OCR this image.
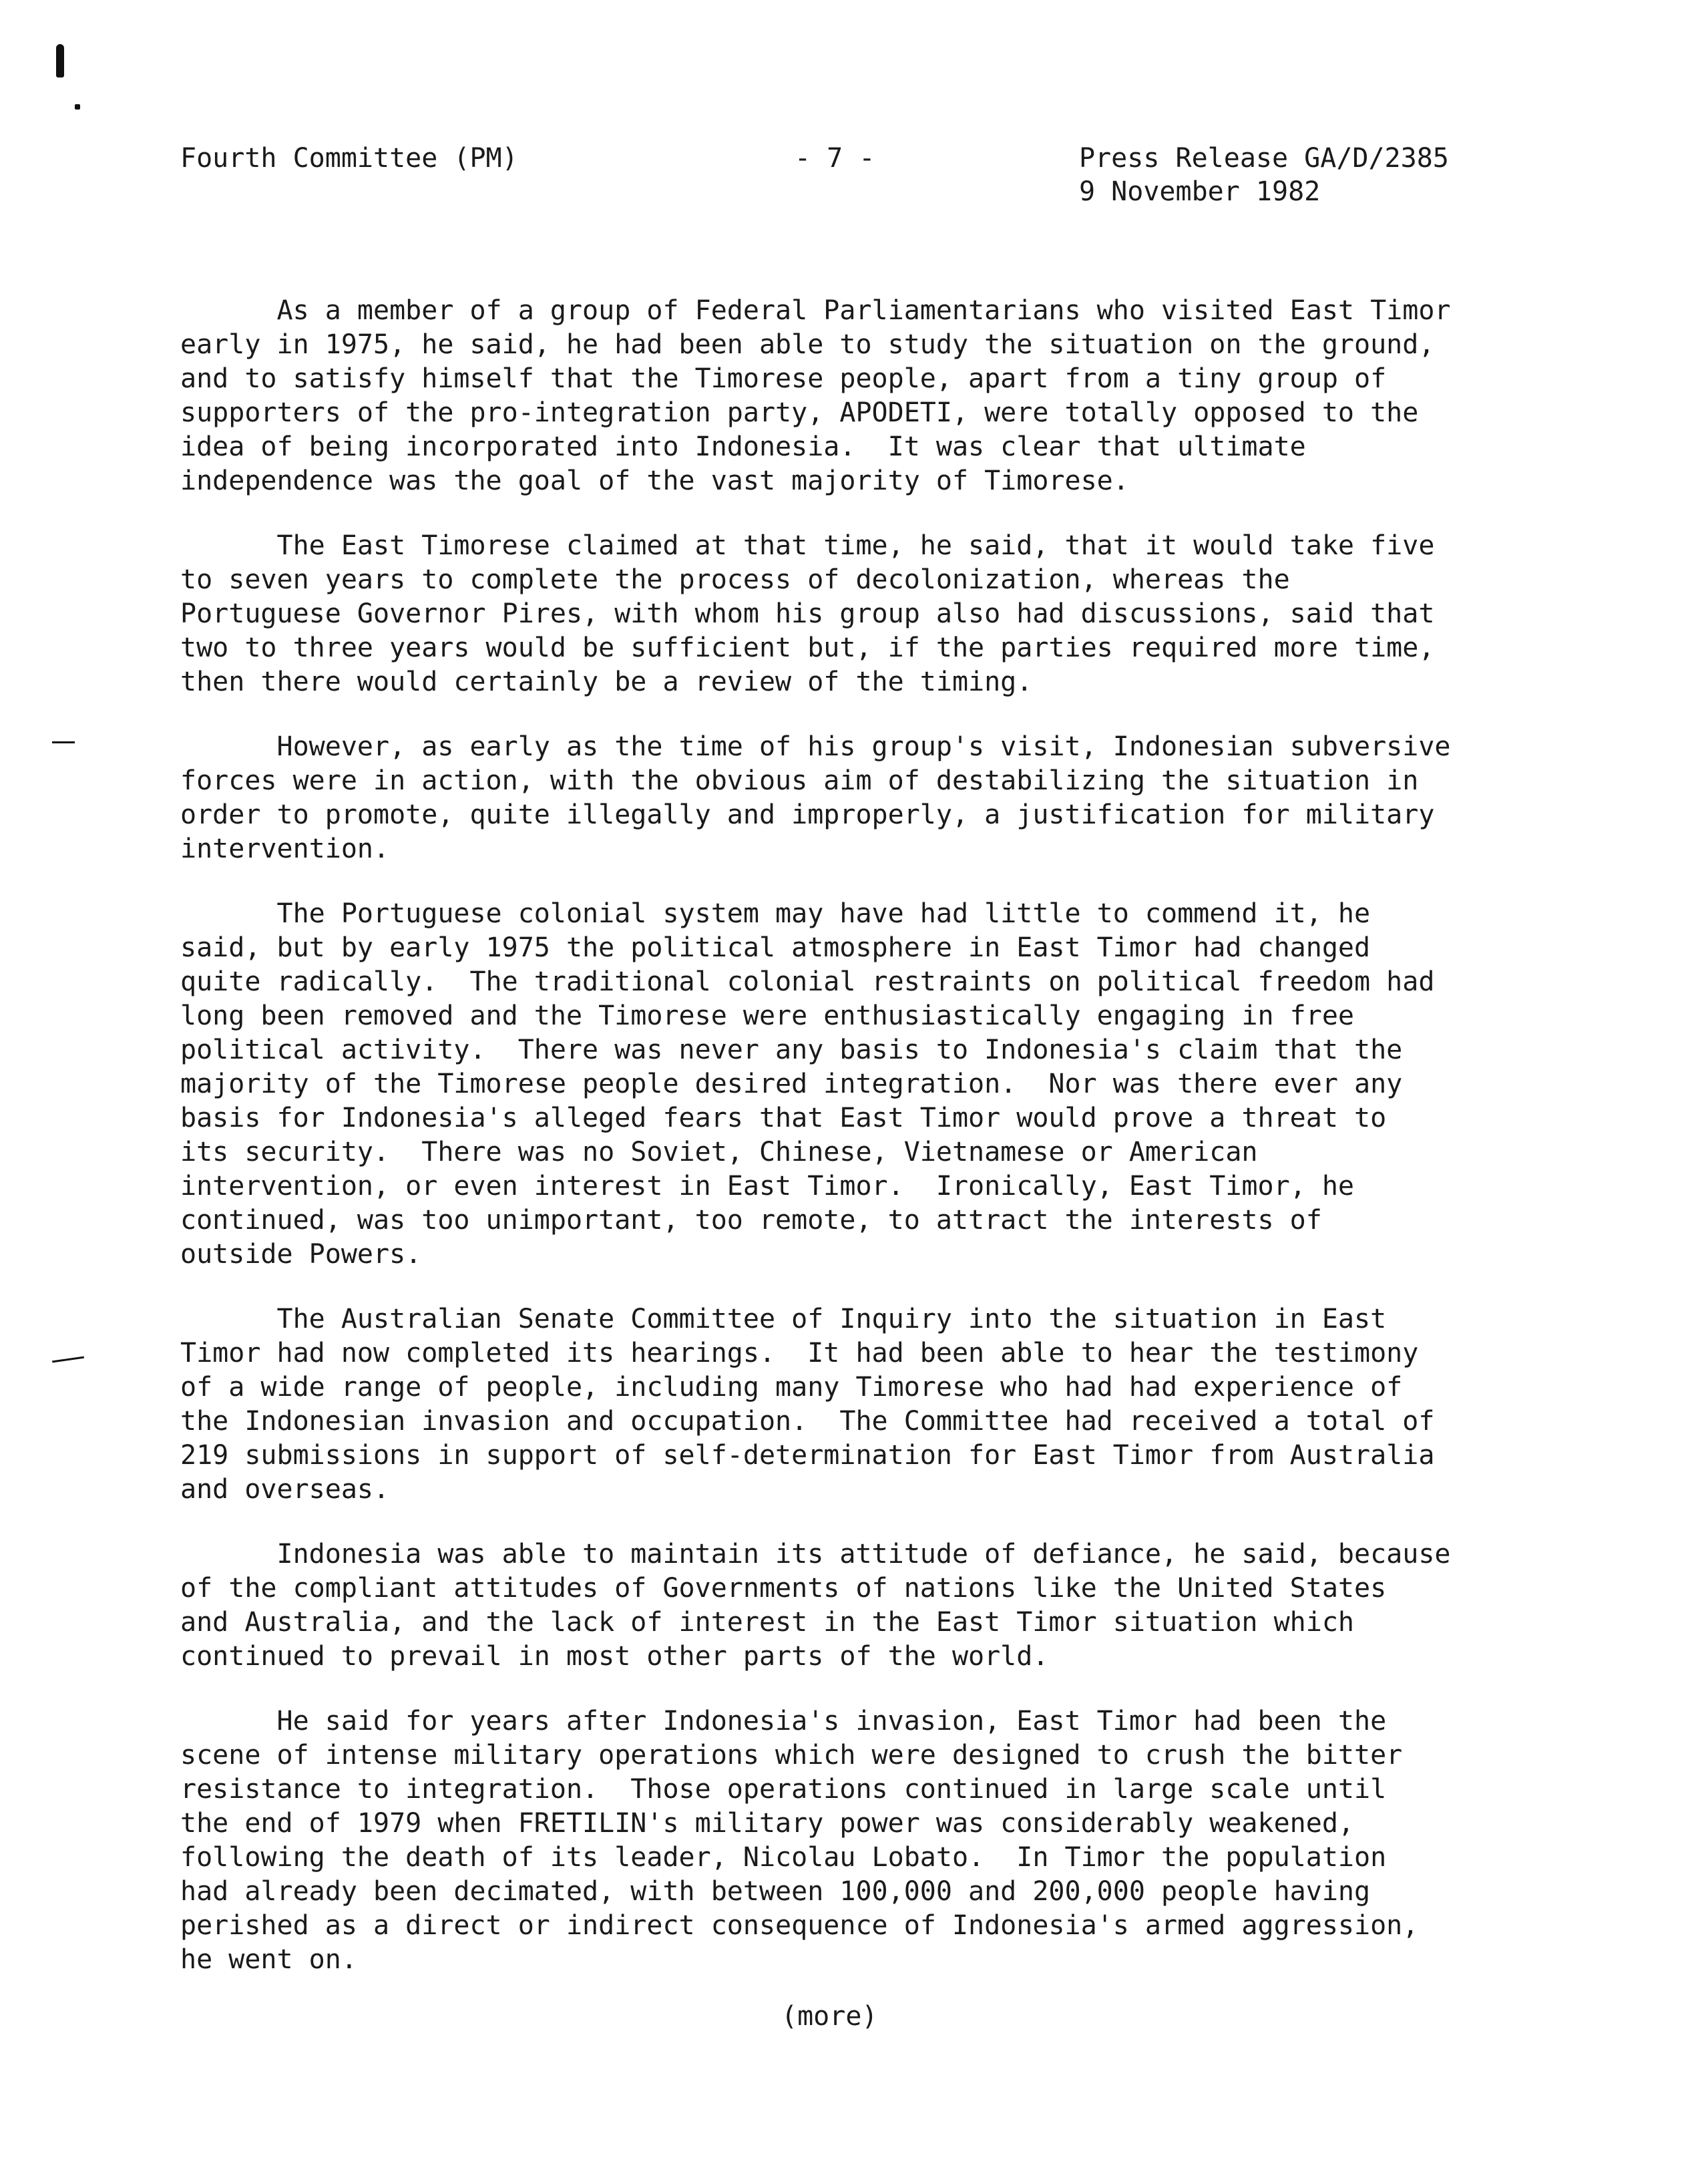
Fourth Committee (PM)	- 7 -	Press Release GA/D/2385
9 November 1982
As a member of a group of Federal Parliamentarians who visited East Timor
early in 1975, he said, he had been able to study the situation on the ground,
and to satisfy himself that the Timorese people, apart from a tiny group of
supporters of the pro-integration party, APODETI, were totally opposed to the
idea of being incorporated into Indonesia.  It was clear that ultimate
independence was the goal of the vast majority of Timorese.
The East Timorese claimed at that time, he said, that it would take five
to seven years to complete the process of decolonization, whereas the
Portuguese Governor Pires, with whom his group also had discussions, said that
two to three years would be sufficient but, if the parties required more time,
then there would certainly be a review of the timing.
However, as early as the time of his group's visit, Indonesian subversive
forces were in action, with the obvious aim of destabilizing the situation in
order to promote, quite illegally and improperly, a justification for military
intervention.
The Portuguese colonial system may have had little to commend it, he
said, but by early 1975 the political atmosphere in East Timor had changed
quite radically.  The traditional colonial restraints on political freedom had
long been removed and the Timorese were enthusiastically engaging in free
political activity.  There was never any basis to Indonesia's claim that the
majority of the Timorese people desired integration.  Nor was there ever any
basis for Indonesia's alleged fears that East Timor would prove a threat to
its security.  There was no Soviet, Chinese, Vietnamese or American
intervention, or even interest in East Timor.  Ironically, East Timor, he
continued, was too unimportant, too remote, to attract the interests of
outside Powers.
The Australian Senate Committee of Inquiry into the situation in East
Timor had now completed its hearings.  It had been able to hear the testimony
of a wide range of people, including many Timorese who had had experience of
the Indonesian invasion and occupation.  The Committee had received a total of
219 submissions in support of self-determination for East Timor from Australia
and overseas.
Indonesia was able to maintain its attitude of defiance, he said, because
of the compliant attitudes of Governments of nations like the United States
and Australia, and the lack of interest in the East Timor situation which
continued to prevail in most other parts of the world.
He said for years after Indonesia's invasion, East Timor had been the
scene of intense military operations which were designed to crush the bitter
resistance to integration.  Those operations continued in large scale until
the end of 1979 when FRETILIN's military power was considerably weakened,
following the death of its leader, Nicolau Lobato.  In Timor the population
had already been decimated, with between 100,000 and 200,000 people having
perished as a direct or indirect consequence of Indonesia's armed aggression,
he went on.
(more)
